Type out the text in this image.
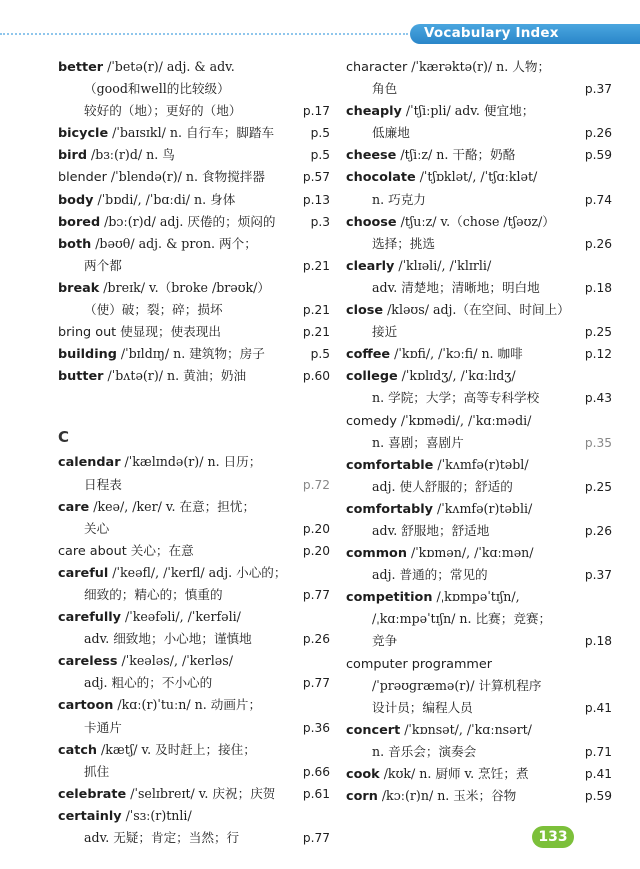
Vocabulary Index
better /ˈbetə(r)/ adj. & adv.
（good和well的比较级）
较好的（地）；更好的（地）	p.17
bicycle /ˈbaɪsɪkl/ n. 自行车；脚踏车	p.5
bird /bɜː(r)d/ n. 鸟	p.5
blender /ˈblendə(r)/ n. 食物搅拌器	p.57
body /ˈbɒdi/, /ˈbɑːdi/ n. 身体	p.13
bored /bɔː(r)d/ adj. 厌倦的；烦闷的	p.3
both /bəʊθ/ adj. & pron. 两个；
两个都	p.21
break /breɪk/ v.（broke /brəʊk/）
（使）破；裂；碎；损坏	p.21
bring out 使显现；使表现出	p.21
building /ˈbɪldɪŋ/ n. 建筑物；房子	p.5
butter /ˈbʌtə(r)/ n. 黄油；奶油	p.60
C
calendar /ˈkælɪndə(r)/ n. 日历；
日程表	p.72
care /keə/, /ker/ v. 在意；担忧；
关心	p.20
care about 关心；在意	p.20
careful /ˈkeəfl/, /ˈkerfl/ adj. 小心的；
细致的；精心的；慎重的	p.77
carefully /ˈkeəfəli/, /ˈkerfəli/
adv. 细致地；小心地；谨慎地	p.26
careless /ˈkeələs/, /ˈkerləs/
adj. 粗心的；不小心的	p.77
cartoon /kɑː(r)ˈtuːn/ n. 动画片；
卡通片	p.36
catch /kætʃ/ v. 及时赶上；接住；
抓住	p.66
celebrate /ˈselɪbreɪt/ v. 庆祝；庆贺 p.61
certainly /ˈsɜː(r)tnli/
adv. 无疑；肯定；当然；行	p.77
character /ˈkærəktə(r)/ n. 人物；
角色	p.37
cheaply /ˈtʃiːpli/ adv. 便宜地；
低廉地	p.26
cheese /tʃiːz/ n. 干酪；奶酪	p.59
chocolate /ˈtʃɒklət/, /ˈtʃɑːklət/
n. 巧克力	p.74
choose /tʃuːz/ v.（chose /tʃəʊz/）
选择；挑选	p.26
clearly /ˈklɪəli/, /ˈklɪrli/
adv. 清楚地；清晰地；明白地	p.18
close /kləʊs/ adj.（在空间、时间上）
接近	p.25
coffee /ˈkɒfi/, /ˈkɔːfi/ n. 咖啡	p.12
college /ˈkɒlɪdʒ/, /ˈkɑːlɪdʒ/
n. 学院；大学；高等专科学校	p.43
comedy /ˈkɒmədi/, /ˈkɑːmədi/
n. 喜剧；喜剧片	p.35
comfortable /ˈkʌmfə(r)təbl/
adj. 使人舒服的；舒适的	p.25
comfortably /ˈkʌmfə(r)təbli/
adv. 舒服地；舒适地	p.26
common /ˈkɒmən/, /ˈkɑːmən/
adj. 普通的；常见的	p.37
competition /ˌkɒmpəˈtɪʃn/,
/ˌkɑːmpəˈtɪʃn/ n. 比赛；竞赛；
竞争	p.18
computer programmer
/ˈprəʊɡræmə(r)/ 计算机程序
设计员；编程人员	p.41
concert /ˈkɒnsət/, /ˈkɑːnsərt/
n. 音乐会；演奏会	p.71
cook /kʊk/ n. 厨师 v. 烹饪；煮	p.41
corn /kɔː(r)n/ n. 玉米；谷物	p.59
133
